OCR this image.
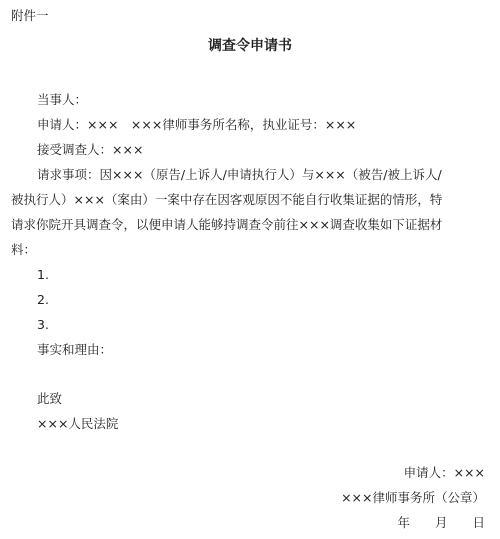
附件一
调查令申请书
当事人：
申请人：×××　×××律师事务所名称，执业证号：×××
接受调查人：×××
请求事项：因×××（原告/上诉人/申请执行人）与×××（被告/被上诉人/
被执行人）×××（案由）一案中存在因客观原因不能自行收集证据的情形，特
请求你院开具调查令，以便申请人能够持调查令前往×××调查收集如下证据材
料：
1.
2.
3.
事实和理由：
此致
×××人民法院
申请人：×××
×××律师事务所（公章）
年　　月　　日
